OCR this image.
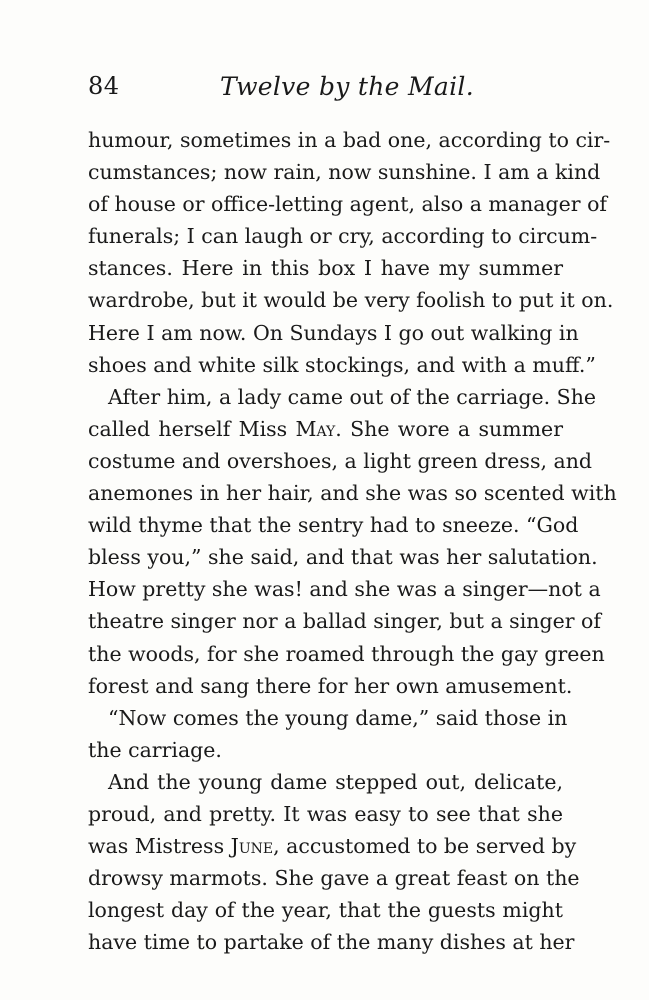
84	Twelve by the Mail.
humour, sometimes in a bad one, according to cir-
cumstances; now rain, now sunshine. I am a kind
of house or office-letting agent, also a manager of
funerals; I can laugh or cry, according to circum-
stances. Here in this box I have my summer
wardrobe, but it would be very foolish to put it on.
Here I am now. On Sundays I go out walking in
shoes and white silk stockings, and with a muff.”
After him, a lady came out of the carriage. She
called herself Miss May. She wore a summer
costume and overshoes, a light green dress, and
anemones in her hair, and she was so scented with
wild thyme that the sentry had to sneeze. “God
bless you,” she said, and that was her salutation.
How pretty she was! and she was a singer—not a
theatre singer nor a ballad singer, but a singer of
the woods, for she roamed through the gay green
forest and sang there for her own amusement.
“Now comes the young dame,” said those in
the carriage.
And the young dame stepped out, delicate,
proud, and pretty. It was easy to see that she
was Mistress June, accustomed to be served by
drowsy marmots. She gave a great feast on the
longest day of the year, that the guests might
have time to partake of the many dishes at her
